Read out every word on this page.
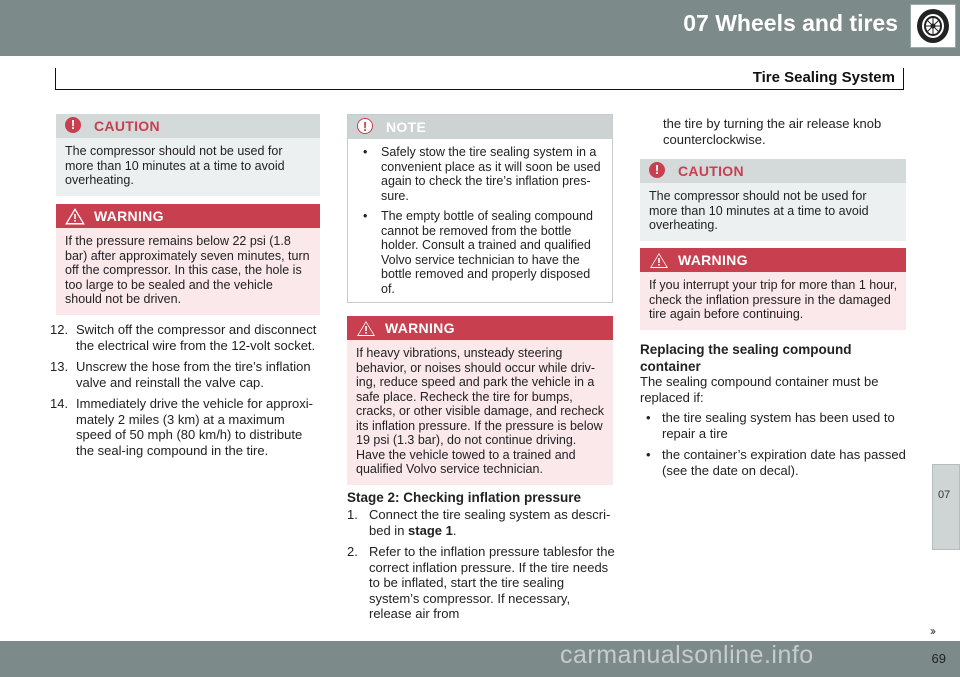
07 Wheels and tires
Tire Sealing System
!	CAUTION
The compressor should not be used for more than 10 minutes at a time to avoid overheating.
WARNING
If the pressure remains below 22 psi (1.8 bar) after approximately seven minutes, turn off the compressor. In this case, the hole is too large to be sealed and the vehicle should not be driven.
12. Switch off the compressor and disconnect the electrical wire from the 12-volt socket.
13. Unscrew the hose from the tire’s inflation valve and reinstall the valve cap.
14. Immediately drive the vehicle for approxi-mately 2 miles (3 km) at a maximum speed of 50 mph (80 km/h) to distribute the seal-ing compound in the tire.
!	NOTE
• Safely stow the tire sealing system in a convenient place as it will soon be used again to check the tire’s inflation pres-sure.
• The empty bottle of sealing compound cannot be removed from the bottle holder. Consult a trained and qualified Volvo service technician to have the bottle removed and properly disposed of.
WARNING
If heavy vibrations, unsteady steering behavior, or noises should occur while driv-ing, reduce speed and park the vehicle in a safe place. Recheck the tire for bumps, cracks, or other visible damage, and recheck its inflation pressure. If the pressure is below 19 psi (1.3 bar), do not continue driving. Have the vehicle towed to a trained and qualified Volvo service technician.
Stage 2: Checking inflation pressure
1. Connect the tire sealing system as descri-bed in stage 1.
2. Refer to the inflation pressure tablesfor the correct inflation pressure. If the tire needs to be inflated, start the tire sealing system’s compressor. If necessary, release air from
the tire by turning the air release knob counterclockwise.
!	CAUTION
The compressor should not be used for more than 10 minutes at a time to avoid overheating.
WARNING
If you interrupt your trip for more than 1 hour, check the inflation pressure in the damaged tire again before continuing.
Replacing the sealing compound container
The sealing compound container must be replaced if:
• the tire sealing system has been used to repair a tire
• the container’s expiration date has passed (see the date on decal).
07
››
69
carmanualsonline.info
